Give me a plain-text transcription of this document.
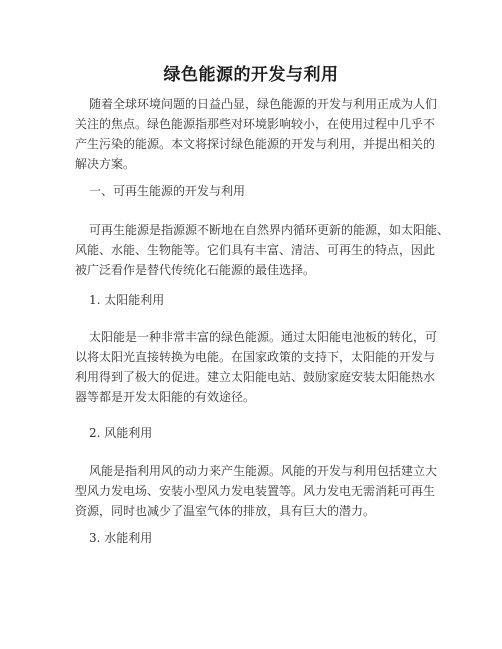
绿色能源的开发与利用

随着全球环境问题的日益凸显，绿色能源的开发与利用正成为人们
关注的焦点。绿色能源指那些对环境影响较小，在使用过程中几乎不
产生污染的能源。本文将探讨绿色能源的开发与利用，并提出相关的
解决方案。

一、可再生能源的开发与利用

可再生能源是指源源不断地在自然界内循环更新的能源，如太阳能、
风能、水能、生物能等。它们具有丰富、清洁、可再生的特点，因此
被广泛看作是替代传统化石能源的最佳选择。

1. 太阳能利用

太阳能是一种非常丰富的绿色能源。通过太阳能电池板的转化，可
以将太阳光直接转换为电能。在国家政策的支持下，太阳能的开发与
利用得到了极大的促进。建立太阳能电站、鼓励家庭安装太阳能热水
器等都是开发太阳能的有效途径。

2. 风能利用

风能是指利用风的动力来产生能源。风能的开发与利用包括建立大
型风力发电场、安装小型风力发电装置等。风力发电无需消耗可再生
资源，同时也减少了温室气体的排放，具有巨大的潜力。

3. 水能利用
